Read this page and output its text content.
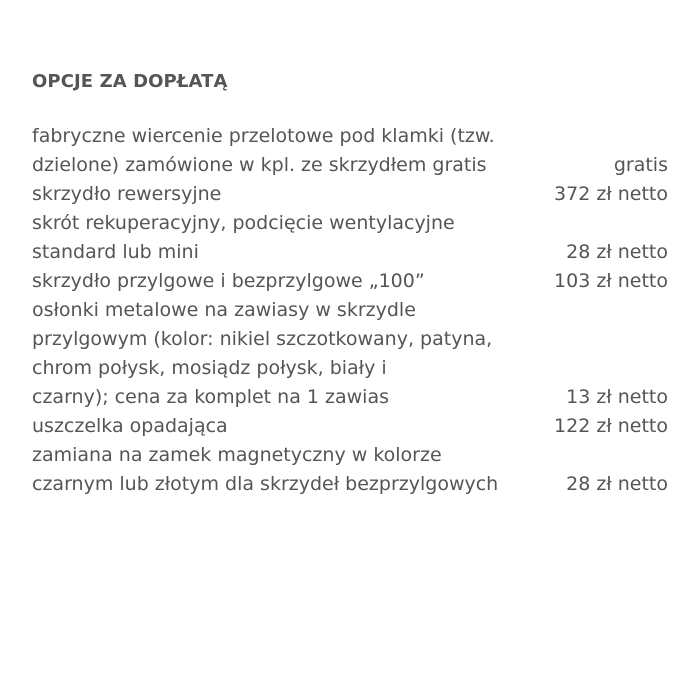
OPCJE ZA DOPŁATĄ
fabryczne wiercenie przelotowe pod klamki (tzw.
dzielone) zamówione w kpl. ze skrzydłem gratis	gratis
skrzydło rewersyjne	372 zł netto
skrót rekuperacyjny, podcięcie wentylacyjne
standard lub mini	28 zł netto
skrzydło przylgowe i bezprzylgowe „100”	103 zł netto
osłonki metalowe na zawiasy w skrzydle
przylgowym (kolor: nikiel szczotkowany, patyna,
chrom połysk, mosiądz połysk, biały i
czarny); cena za komplet na 1 zawias	13 zł netto
uszczelka opadająca	122 zł netto
zamiana na zamek magnetyczny w kolorze
czarnym lub złotym dla skrzydeł bezprzylgowych	28 zł netto
